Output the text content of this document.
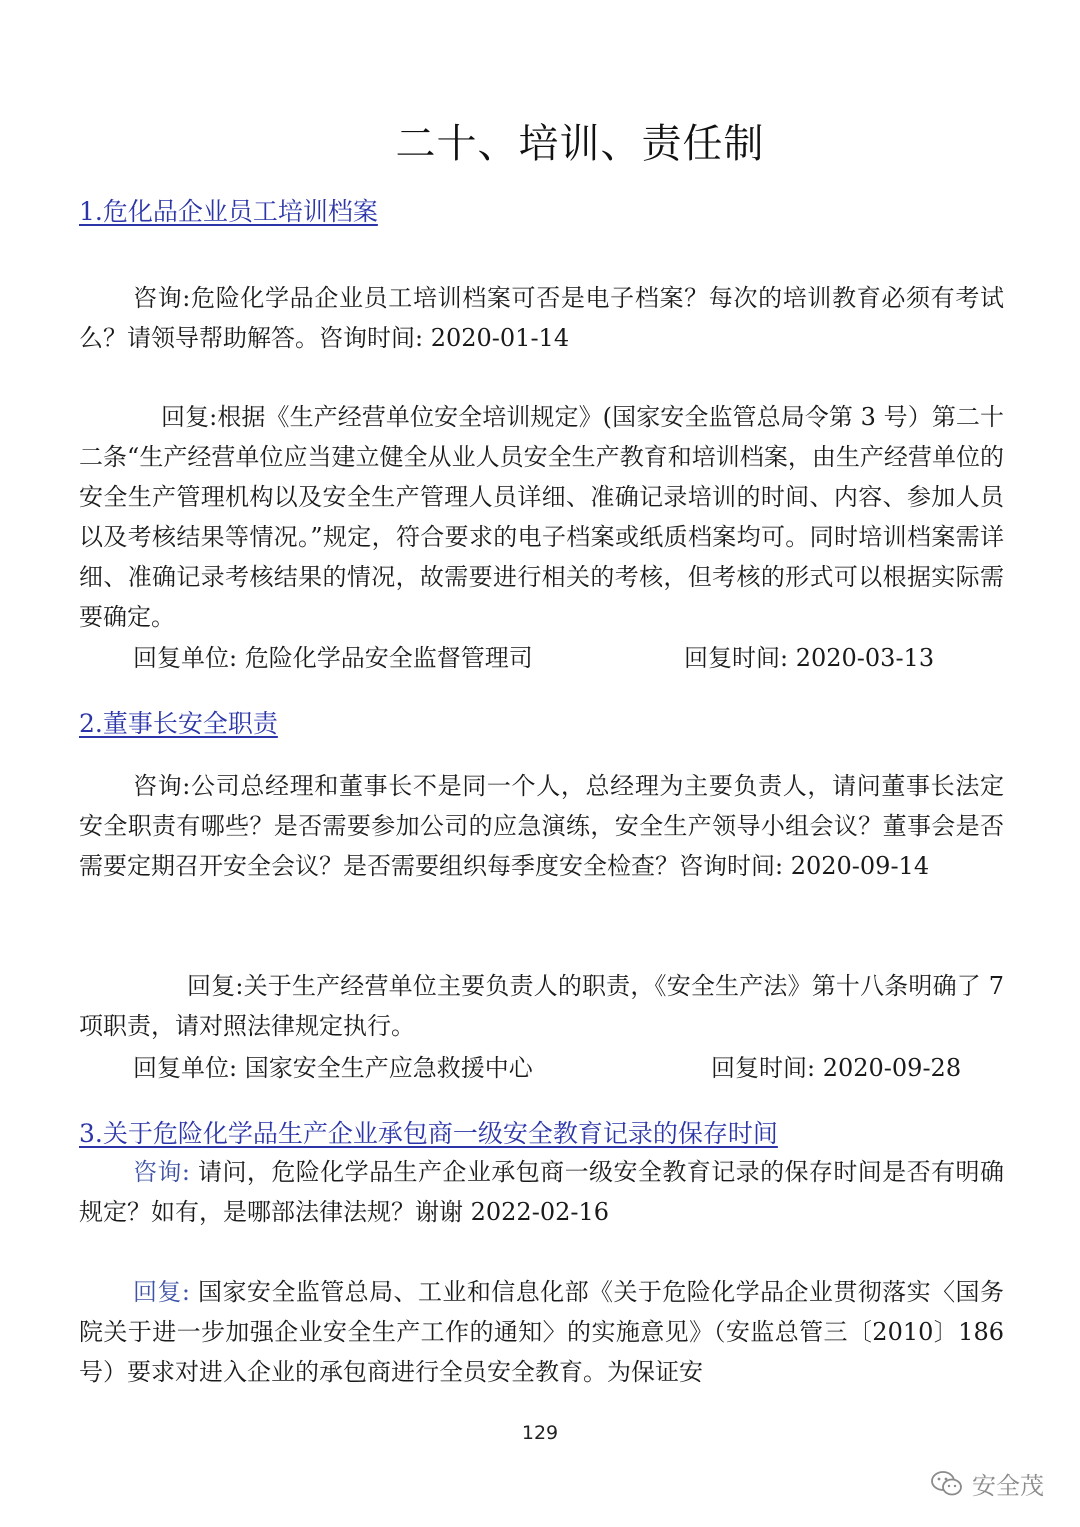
二十、培训、责任制
1.危化品企业员工培训档案

咨询:危险化学品企业员工培训档案可否是电子档案？每次的培训教育必须有考试么？请领导帮助解答。咨询时间: 2020-01-14

回复:根据《生产经营单位安全培训规定》(国家安全监管总局令第 3 号）第二十二条“生产经营单位应当建立健全从业人员安全生产教育和培训档案，由生产经营单位的安全生产管理机构以及安全生产管理人员详细、准确记录培训的时间、内容、参加人员以及考核结果等情况。”规定，符合要求的电子档案或纸质档案均可。同时培训档案需详细、准确记录考核结果的情况，故需要进行相关的考核，但考核的形式可以根据实际需要确定。

回复单位: 危险化学品安全监督管理司	回复时间: 2020-03-13
2.董事长安全职责

咨询:公司总经理和董事长不是同一个人，总经理为主要负责人，请问董事长法定安全职责有哪些？是否需要参加公司的应急演练，安全生产领导小组会议？董事会是否需要定期召开安全会议？是否需要组织每季度安全检查？咨询时间: 2020-09-14

回复:关于生产经营单位主要负责人的职责，《安全生产法》第十八条明确了 7 项职责，请对照法律规定执行。

回复单位: 国家安全生产应急救援中心	回复时间: 2020-09-28
3.关于危险化学品生产企业承包商一级安全教育记录的保存时间

咨询: 请问，危险化学品生产企业承包商一级安全教育记录的保存时间是否有明确规定？如有，是哪部法律法规？谢谢 2022-02-16

回复: 国家安全监管总局、工业和信息化部《关于危险化学品企业贯彻落实〈国务院关于进一步加强企业安全生产工作的通知〉的实施意见》（安监总管三〔2010〕186 号）要求对进入企业的承包商进行全员安全教育。为保证安

129
安全茂
